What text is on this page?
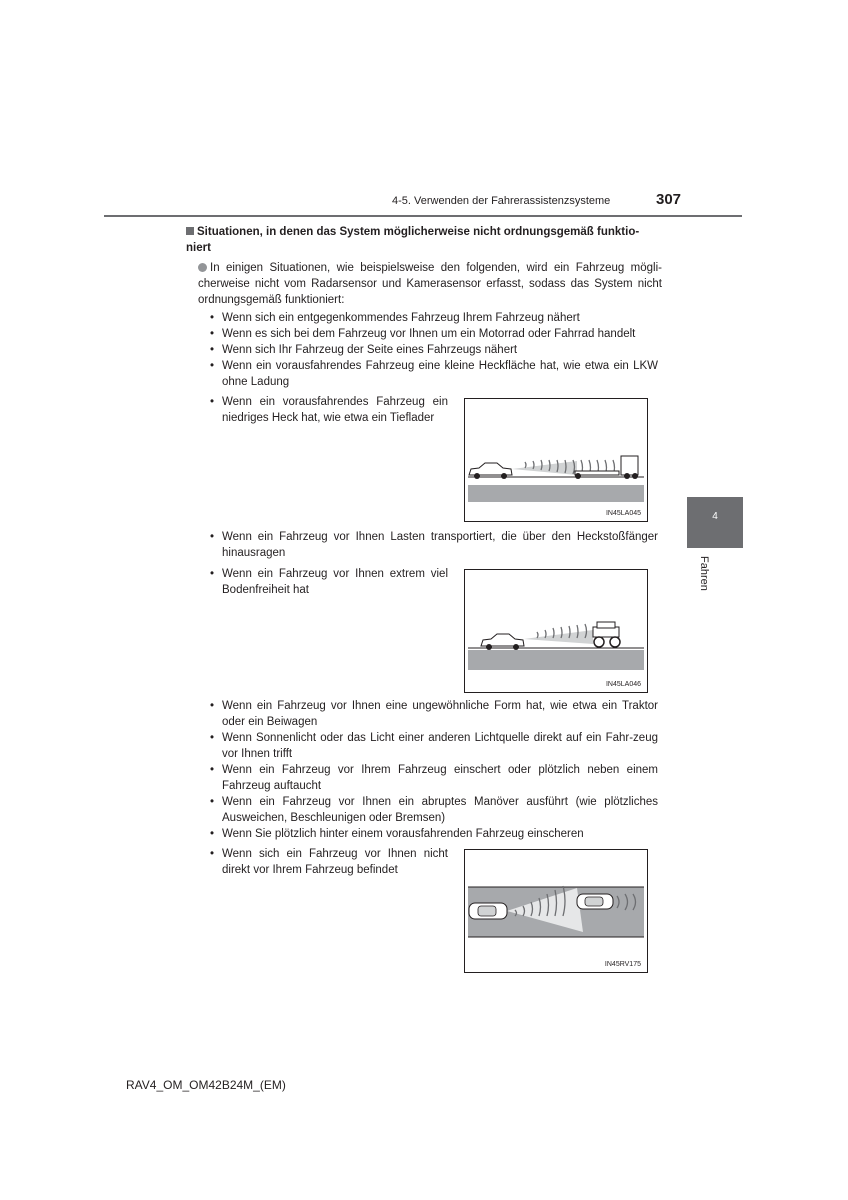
4-5. Verwenden der Fahrerassistenzsysteme	307
4
Fahren
Situationen, in denen das System möglicherweise nicht ordnungsgemäß funktio-niert
In einigen Situationen, wie beispielsweise den folgenden, wird ein Fahrzeug mögli-cherweise nicht vom Radarsensor und Kamerasensor erfasst, sodass das System nicht ordnungsgemäß funktioniert:
• Wenn sich ein entgegenkommendes Fahrzeug Ihrem Fahrzeug nähert
• Wenn es sich bei dem Fahrzeug vor Ihnen um ein Motorrad oder Fahrrad handelt
• Wenn sich Ihr Fahrzeug der Seite eines Fahrzeugs nähert
• Wenn ein vorausfahrendes Fahrzeug eine kleine Heckfläche hat, wie etwa ein LKW ohne Ladung
• Wenn ein vorausfahrendes Fahrzeug ein niedriges Heck hat, wie etwa ein Tieflader
IN45LA045
• Wenn ein Fahrzeug vor Ihnen Lasten transportiert, die über den Heckstoßfänger hinausragen
• Wenn ein Fahrzeug vor Ihnen extrem viel Bodenfreiheit hat
IN45LA046
• Wenn ein Fahrzeug vor Ihnen eine ungewöhnliche Form hat, wie etwa ein Traktor oder ein Beiwagen
• Wenn Sonnenlicht oder das Licht einer anderen Lichtquelle direkt auf ein Fahr-zeug vor Ihnen trifft
• Wenn ein Fahrzeug vor Ihrem Fahrzeug einschert oder plötzlich neben einem Fahrzeug auftaucht
• Wenn ein Fahrzeug vor Ihnen ein abruptes Manöver ausführt (wie plötzliches Ausweichen, Beschleunigen oder Bremsen)
• Wenn Sie plötzlich hinter einem vorausfahrenden Fahrzeug einscheren
• Wenn sich ein Fahrzeug vor Ihnen nicht direkt vor Ihrem Fahrzeug befindet
IN45RV175
RAV4_OM_OM42B24M_(EM)
